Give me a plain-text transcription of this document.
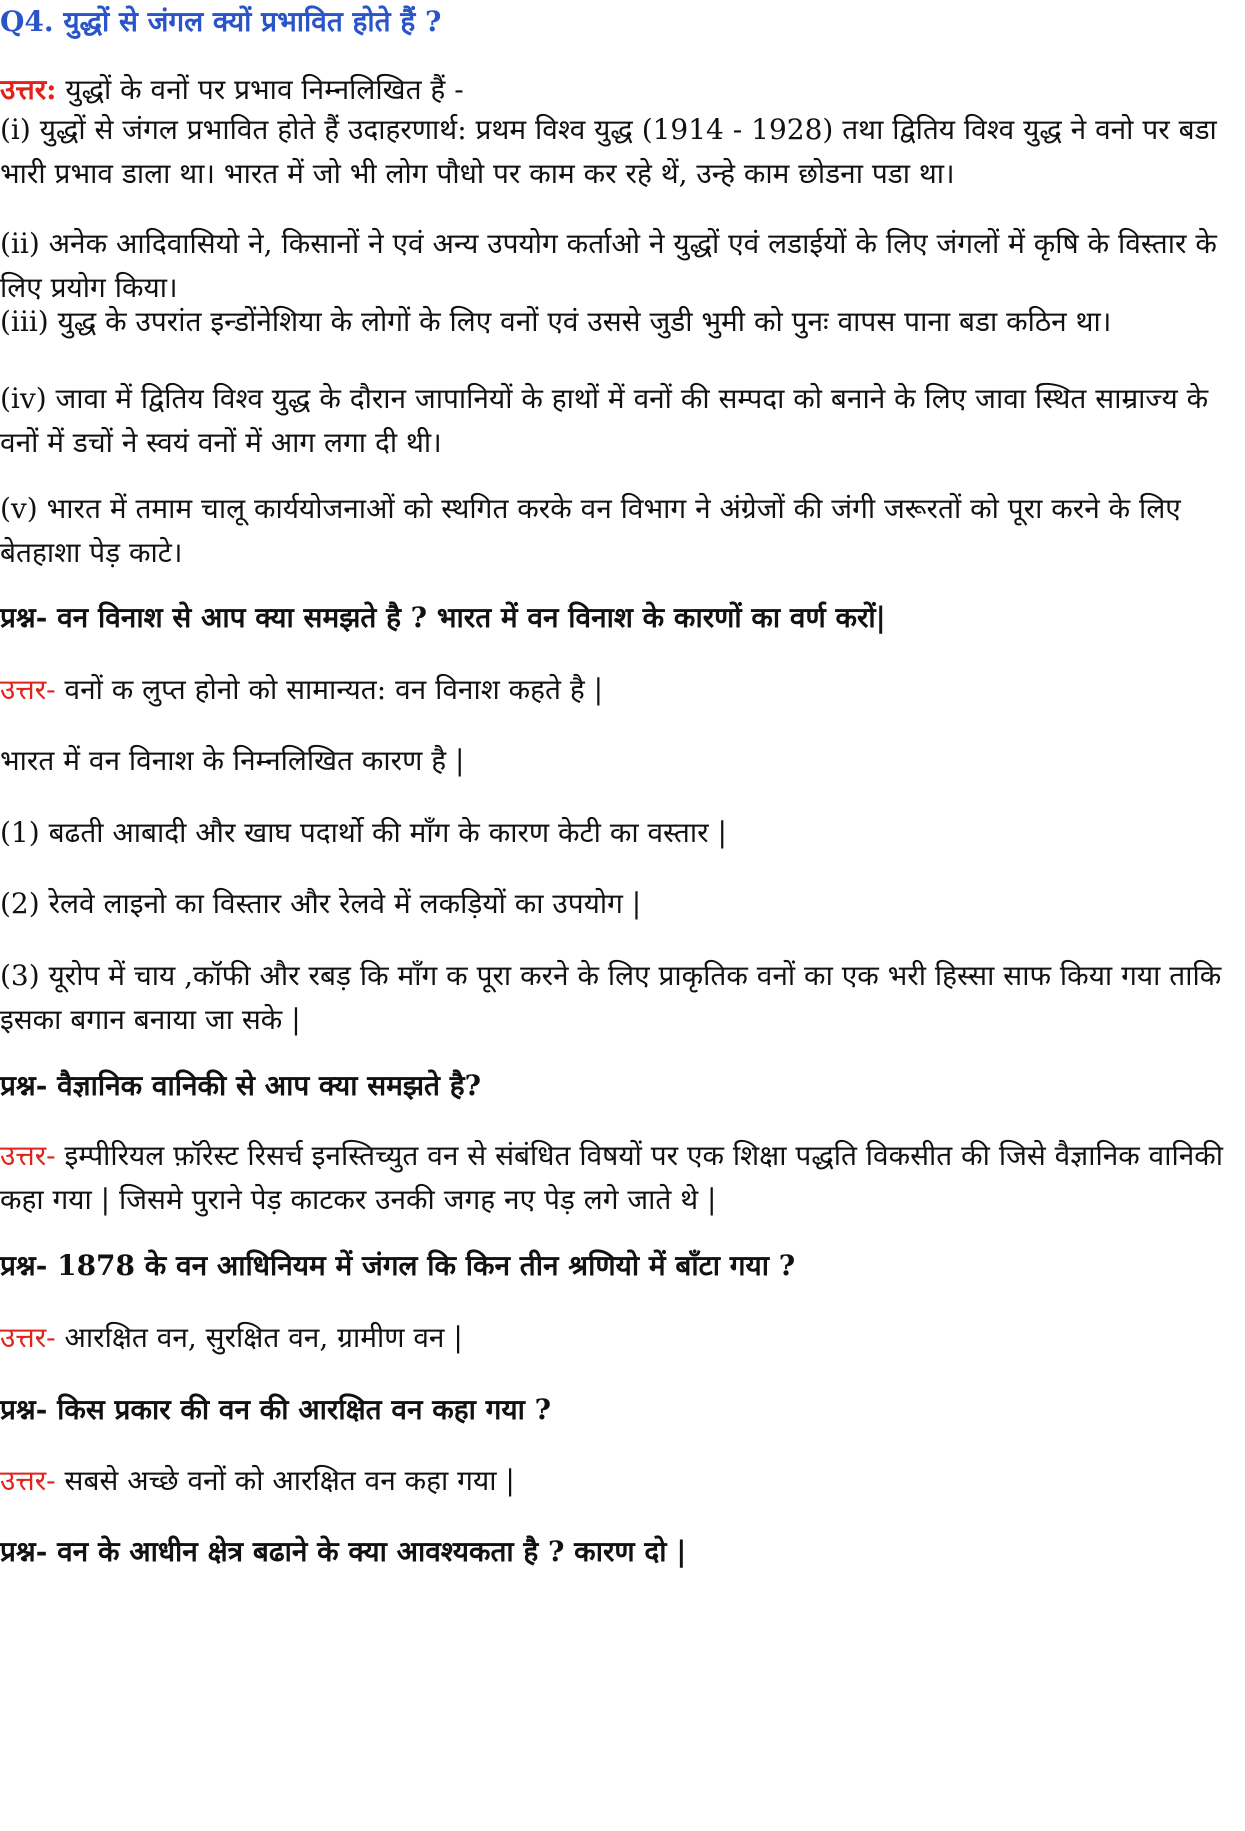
Q4. युद्धों से जंगल क्यों प्रभावित होते हैं ?

उत्तर: युद्धों के वनों पर प्रभाव निम्नलिखित हैं -

(i) युद्धों से जंगल प्रभावित होते हैं उदाहरणार्थ: प्रथम विश्व युद्ध (1914 - 1928) तथा द्वितिय विश्व युद्ध ने वनो पर बडा भारी प्रभाव डाला था। भारत में जो भी लोग पौधो पर काम कर रहे थें, उन्हे काम छोडना पडा था।

(ii) अनेक आदिवासियो ने, किसानों ने एवं अन्य उपयोग कर्ताओ ने युद्धों एवं लडाईयों के लिए जंगलों में कृषि के विस्तार के लिए प्रयोग किया।

(iii) युद्ध के उपरांत इन्डोंनेशिया के लोगों के लिए वनों एवं उससे जुडी भुमी को पुनः वापस पाना बडा कठिन था।

(iv) जावा में द्वितिय विश्व युद्ध के दौरान जापानियों के हाथों में वनों की सम्पदा को बनाने के लिए जावा स्थित साम्राज्य के वनों में डचों ने स्वयं वनों में आग लगा दी थी।

(v) भारत में तमाम चालू कार्ययोजनाओं को स्थगित करके वन विभाग ने अंग्रेजों की जंगी जरूरतों को पूरा करने के लिए बेतहाशा पेड़ काटे।

प्रश्न- वन विनाश से आप क्या समझते है ? भारत में वन विनाश के कारणों का वर्ण करों|

उत्तर- वनों क लुप्त होनो को सामान्यत: वन विनाश कहते है |

भारत में वन विनाश के निम्नलिखित कारण है |

(1) बढती आबादी और खाघ पदार्थो की माँग के कारण केटी का वस्तार |

(2) रेलवे लाइनो का विस्तार और रेलवे में लकड़ियों का उपयोग |

(3) यूरोप में चाय ,कॉफी और रबड़ कि माँग क पूरा करने के लिए प्राकृतिक वनों का एक भरी हिस्सा साफ किया गया ताकि इसका बगान बनाया जा सके |

प्रश्न- वैज्ञानिक वानिकी से आप क्या समझते है?

उत्तर- इम्पीरियल फ़ॉरेस्ट रिसर्च इनस्तिच्युत वन से संबंधित विषयों पर एक शिक्षा पद्धति विकसीत की जिसे वैज्ञानिक वानिकी कहा गया | जिसमे पुराने पेड़ काटकर उनकी जगह नए पेड़ लगे जाते थे |

प्रश्न- 1878 के वन आधिनियम में जंगल कि किन तीन श्रणियो में बाँटा गया ?

उत्तर- आरक्षित वन, सुरक्षित वन, ग्रामीण वन |

प्रश्न- किस प्रकार की वन की आरक्षित वन कहा गया ?

उत्तर- सबसे अच्छे वनों को आरक्षित वन कहा गया |

प्रश्न- वन के आधीन क्षेत्र बढाने के क्या आवश्यकता है ? कारण दो |
